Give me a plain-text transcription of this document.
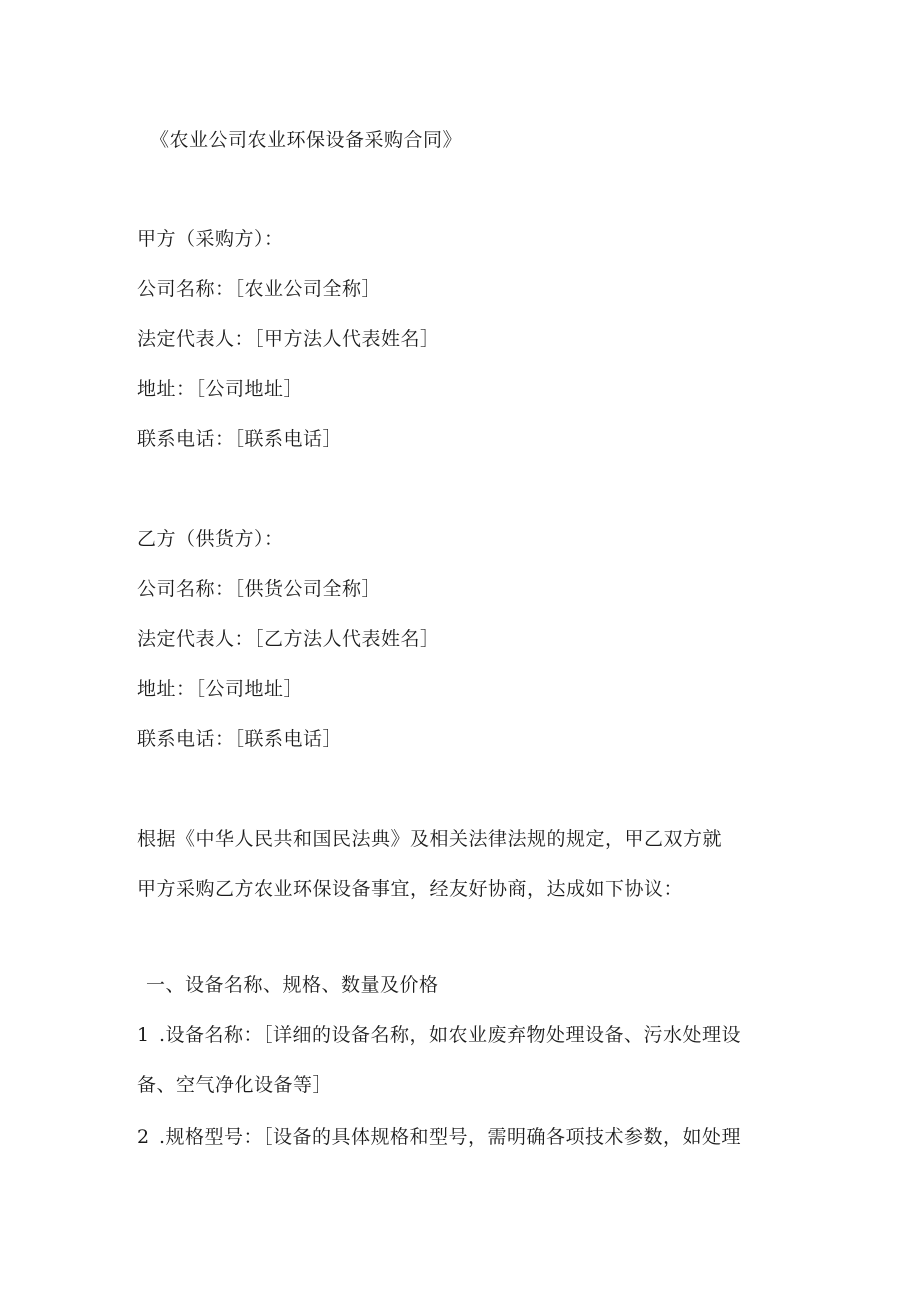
《农业公司农业环保设备采购合同》
甲方（采购方）：
公司名称：［农业公司全称］
法定代表人：［甲方法人代表姓名］
地址：［公司地址］
联系电话：［联系电话］
乙方（供货方）：
公司名称：［供货公司全称］
法定代表人：［乙方法人代表姓名］
地址：［公司地址］
联系电话：［联系电话］
根据《中华人民共和国民法典》及相关法律法规的规定，甲乙双方就
甲方采购乙方农业环保设备事宜，经友好协商，达成如下协议：
一、设备名称、规格、数量及价格
1 .设备名称：［详细的设备名称，如农业废弃物处理设备、污水处理设
备、空气净化设备等］
2 .规格型号：［设备的具体规格和型号，需明确各项技术参数，如处理
